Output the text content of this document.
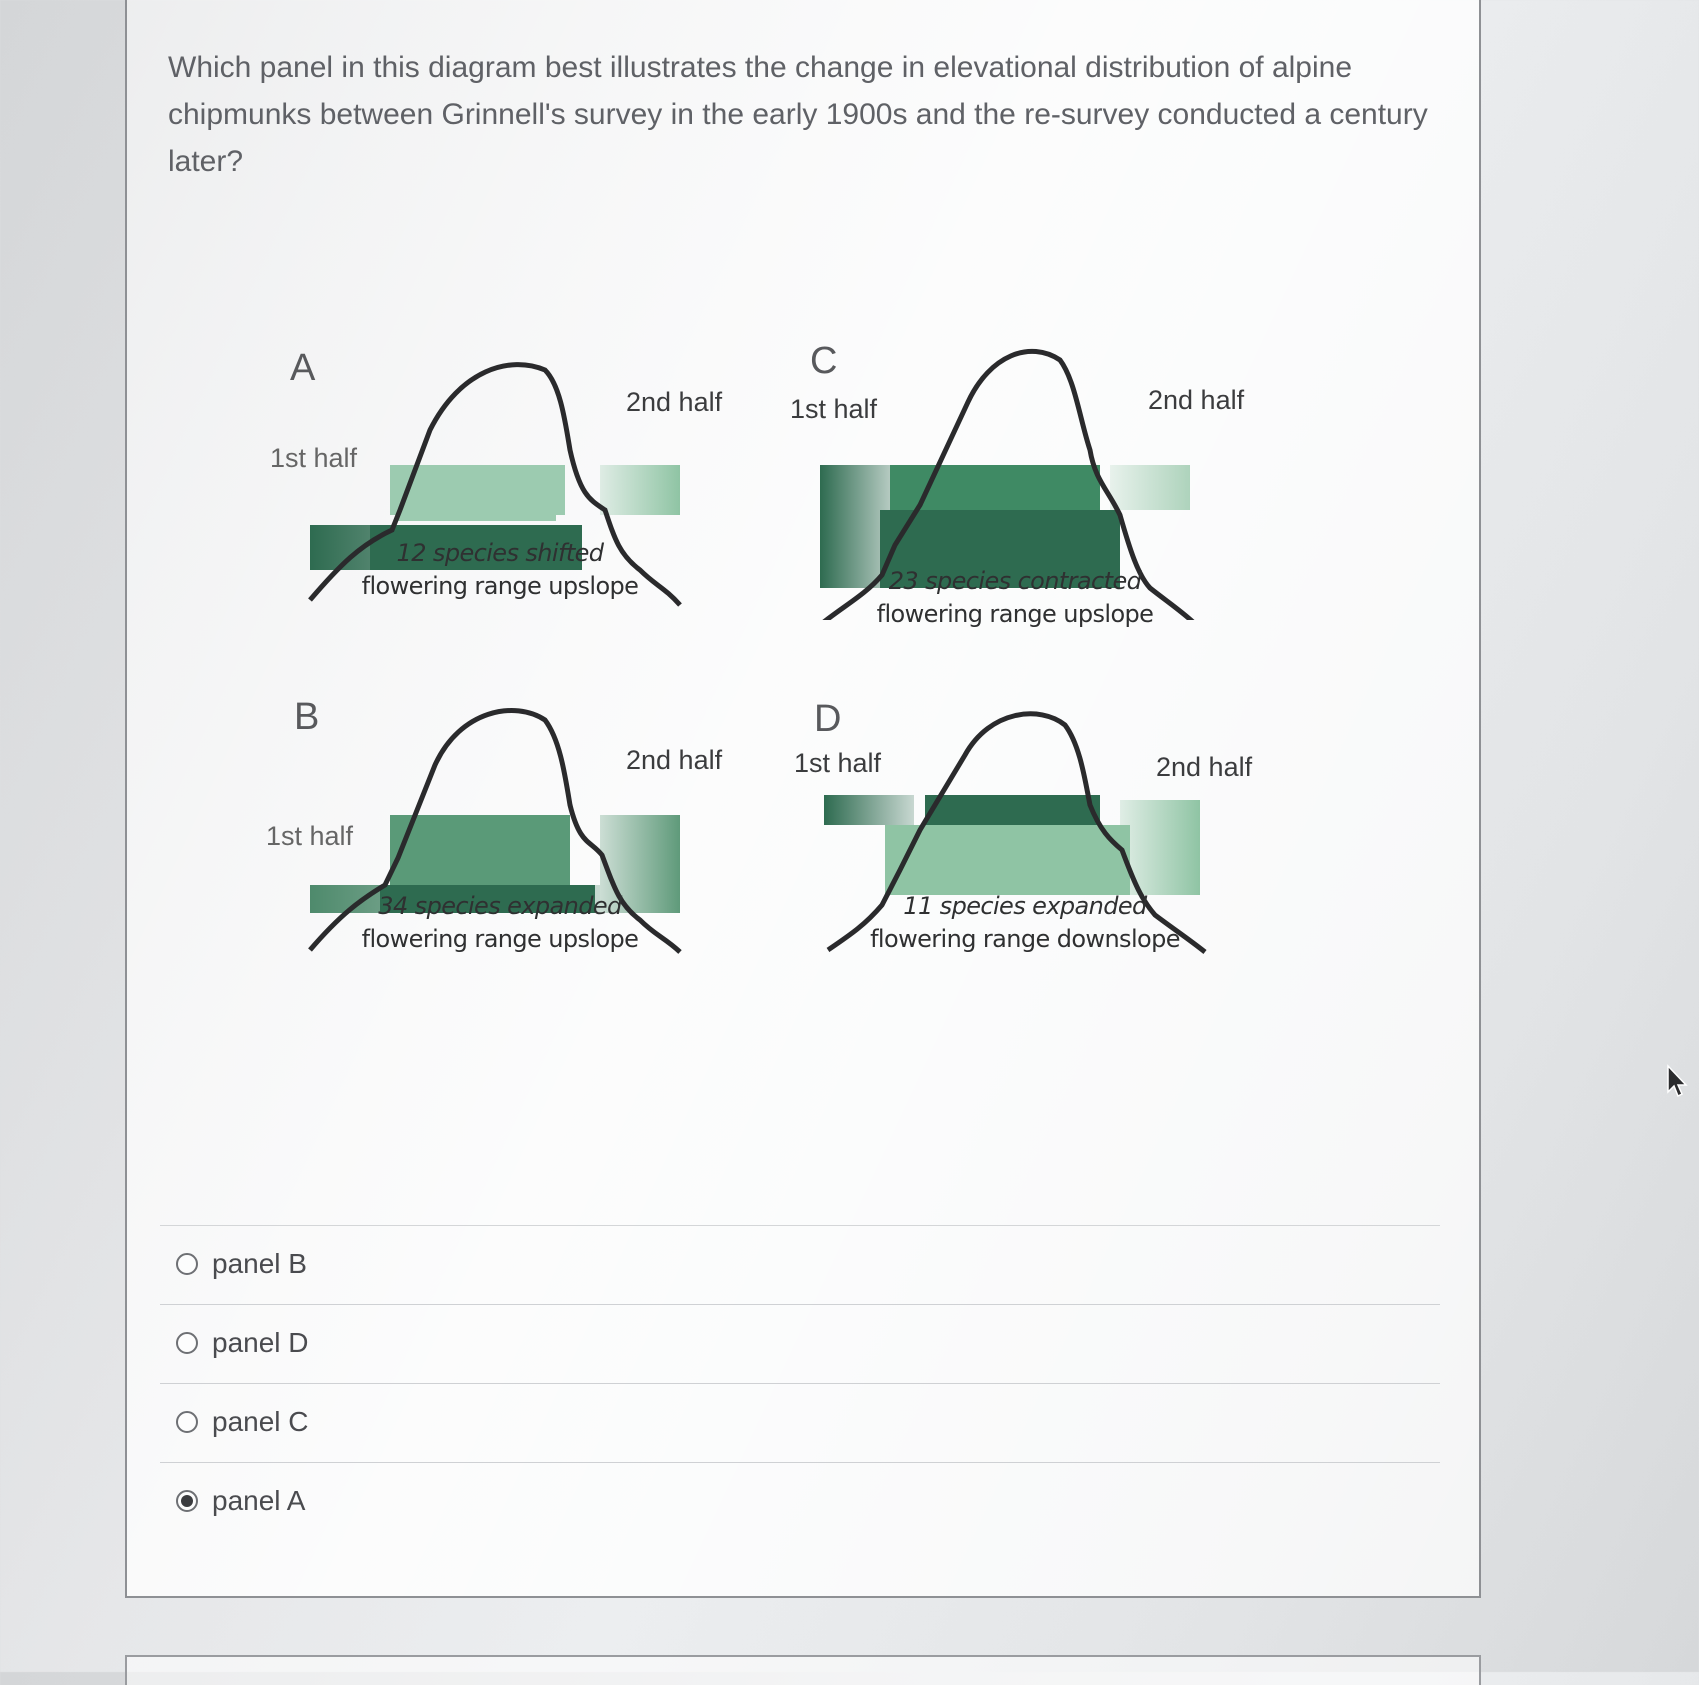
Which panel in this diagram best illustrates the change in elevational distribution of alpine chipmunks between Grinnell's survey in the early 1900s and the re-survey conducted a century later?
A
1st half
2nd half
12 species shifted
flowering range upslope
C
1st half	2nd half
23 species contracted
flowering range upslope
B
1st half
2nd half
34 species expanded
flowering range upslope
D
1st half	2nd half
11 species expanded
flowering range downslope
panel B
panel D
panel C
panel A
